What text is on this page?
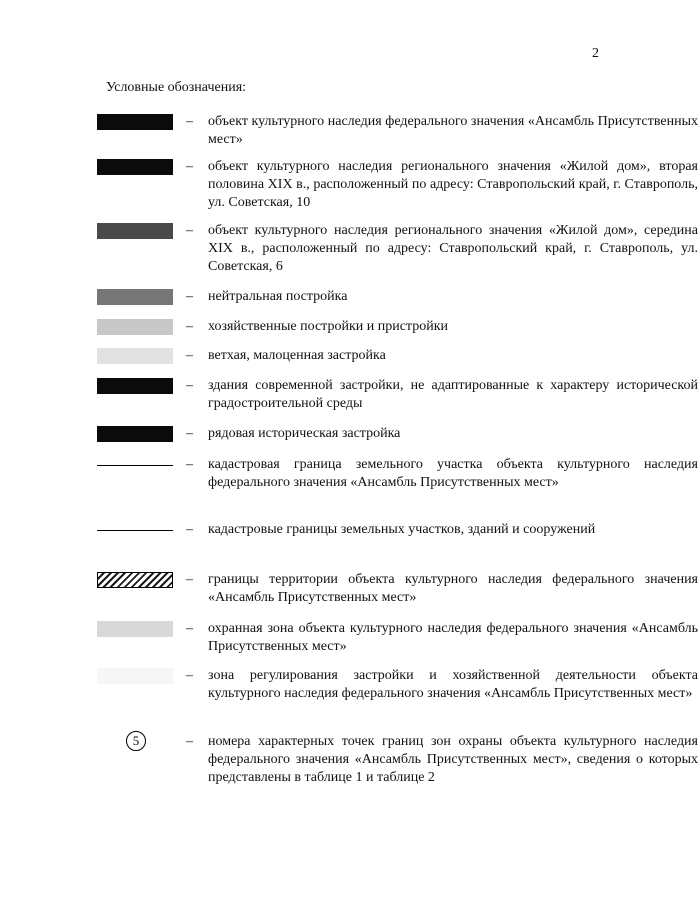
2
Условные обозначения:
– объект культурного наследия федерального значения «Ансамбль Присутственных мест»
– объект культурного наследия регионального значения «Жилой дом», вторая половина XIX в., расположенный по адресу: Ставропольский край, г. Ставрополь, ул. Советская, 10
– объект культурного наследия регионального значения «Жилой дом», середина XIX в., расположенный по адресу: Ставропольский край, г. Ставрополь, ул. Советская, 6
– нейтральная постройка
– хозяйственные постройки и пристройки
– ветхая, малоценная застройка
– здания современной застройки, не адаптированные к характеру исторической градостроительной среды
– рядовая историческая застройка
– кадастровая граница земельного участка объекта культурного наследия федерального значения «Ансамбль Присутственных мест»
– кадастровые границы земельных участков, зданий и сооружений
– границы территории объекта культурного наследия федерального значения «Ансамбль Присутственных мест»
– охранная зона объекта культурного наследия федерального значения «Ансамбль Присутственных мест»
– зона регулирования застройки и хозяйственной деятельности объекта культурного наследия федерального значения «Ансамбль Присутственных мест»
5	– номера характерных точек границ зон охраны объекта культурного наследия федерального значения «Ансамбль Присутственных мест», сведения о которых представлены в таблице 1 и таблице 2
